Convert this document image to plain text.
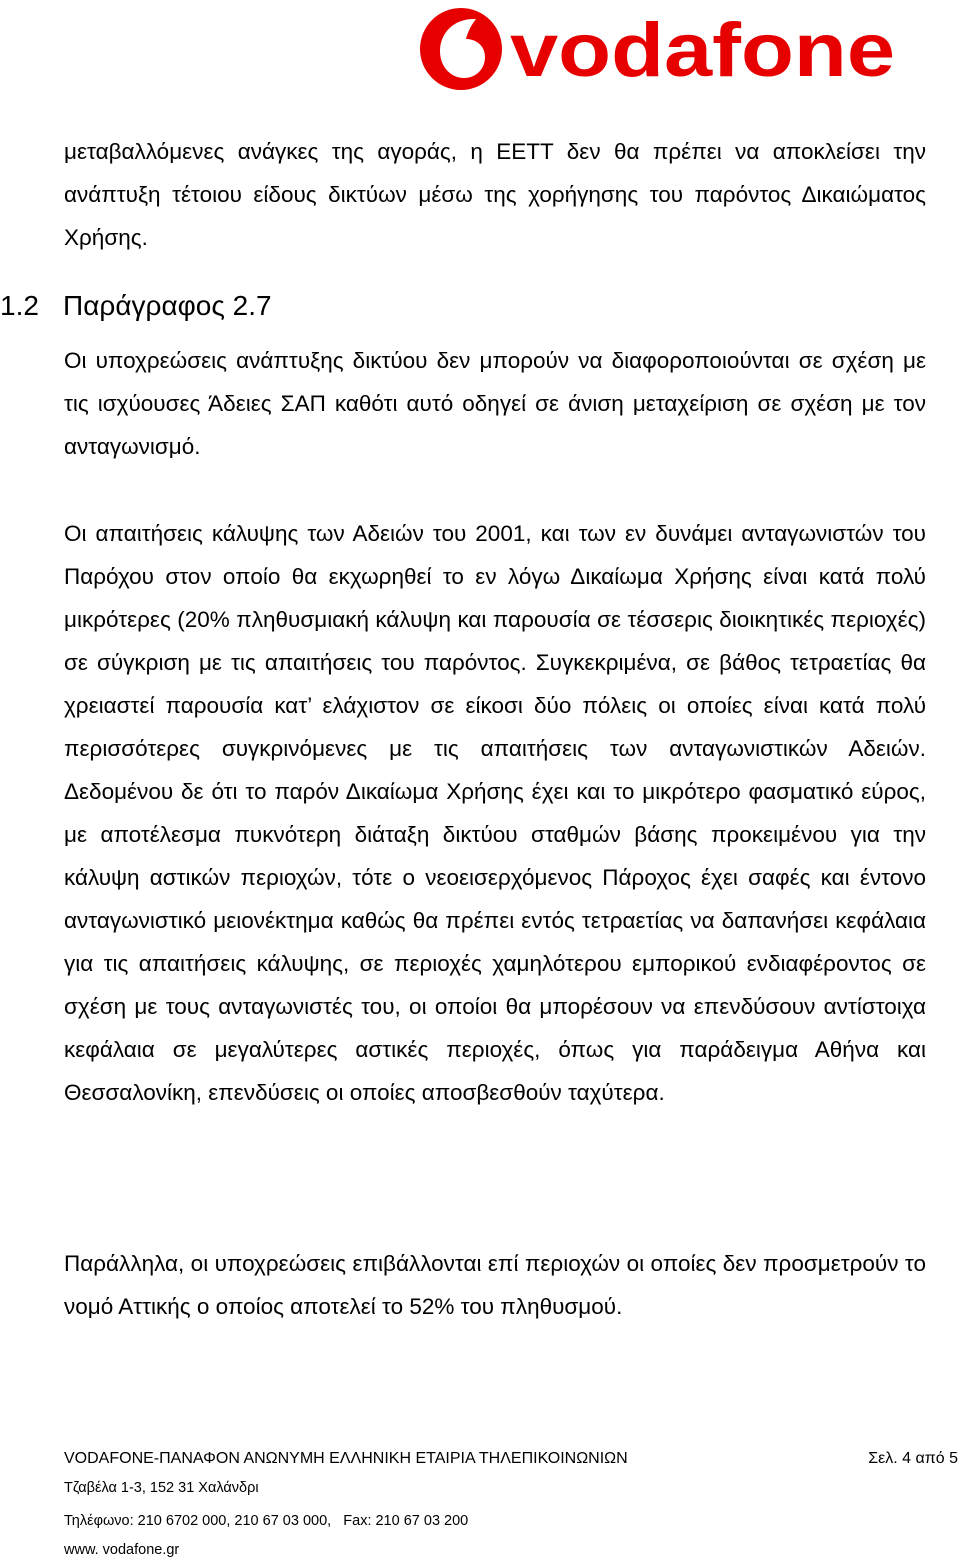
vodafone

μεταβαλλόμενες ανάγκες της αγοράς, η ΕΕΤΤ δεν θα πρέπει να αποκλείσει την ανάπτυξη τέτοιου είδους δικτύων μέσω της χορήγησης του παρόντος Δικαιώματος Χρήσης.

1.2 Παράγραφος 2.7

Οι υποχρεώσεις ανάπτυξης δικτύου δεν μπορούν να διαφοροποιούνται σε σχέση με τις ισχύουσες Άδειες ΣΑΠ καθότι αυτό οδηγεί σε άνιση μεταχείριση σε σχέση με τον ανταγωνισμό.

Οι απαιτήσεις κάλυψης των Αδειών του 2001, και των εν δυνάμει ανταγωνιστών του Παρόχου στον οποίο θα εκχωρηθεί το εν λόγω Δικαίωμα Χρήσης είναι κατά πολύ μικρότερες (20% πληθυσμιακή κάλυψη και παρουσία σε τέσσερις διοικητικές περιοχές) σε σύγκριση με τις απαιτήσεις του παρόντος. Συγκεκριμένα, σε βάθος τετραετίας θα χρειαστεί παρουσία κατ’ ελάχιστον σε είκοσι δύο πόλεις οι οποίες είναι κατά πολύ περισσότερες συγκρινόμενες με τις απαιτήσεις των ανταγωνιστικών Αδειών. Δεδομένου δε ότι το παρόν Δικαίωμα Χρήσης έχει και το μικρότερο φασματικό εύρος, με αποτέλεσμα πυκνότερη διάταξη δικτύου σταθμών βάσης προκειμένου για την κάλυψη αστικών περιοχών, τότε ο νεοεισερχόμενος Πάροχος έχει σαφές και έντονο ανταγωνιστικό μειονέκτημα καθώς θα πρέπει εντός τετραετίας να δαπανήσει κεφάλαια για τις απαιτήσεις κάλυψης, σε περιοχές χαμηλότερου εμπορικού ενδιαφέροντος σε σχέση με τους ανταγωνιστές του, οι οποίοι θα μπορέσουν να επενδύσουν αντίστοιχα κεφάλαια σε μεγαλύτερες αστικές περιοχές, όπως για παράδειγμα Αθήνα και Θεσσαλονίκη, επενδύσεις οι οποίες αποσβεσθούν ταχύτερα.

Παράλληλα, οι υποχρεώσεις επιβάλλονται επί περιοχών οι οποίες δεν προσμετρούν το νομό Αττικής ο οποίος αποτελεί το 52% του πληθυσμού.

VODAFONE-ΠΑΝΑΦΟΝ ΑΝΩΝΥΜΗ ΕΛΛΗΝΙΚΗ ΕΤΑΙΡΙΑ ΤΗΛΕΠΙΚΟΙΝΩΝΙΩΝ	Σελ. 4 από 5
Τζαβέλα 1-3, 152 31 Χαλάνδρι
Τηλέφωνο: 210 6702 000, 210 67 03 000,   Fax: 210 67 03 200
www. vodafone.gr
